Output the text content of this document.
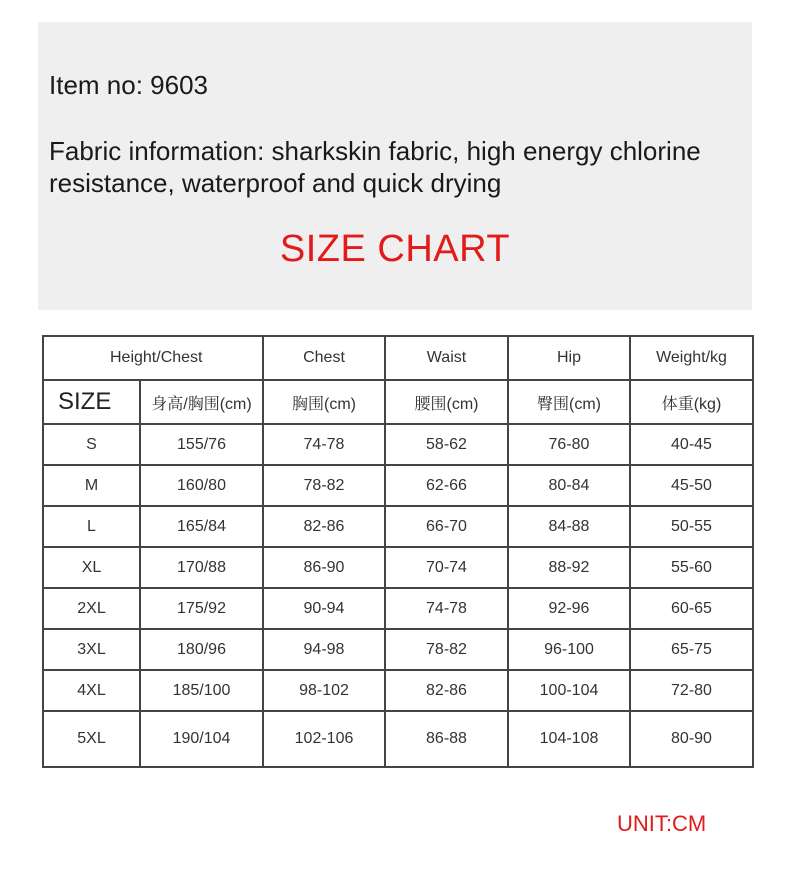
Item no: 9603
Fabric information: sharkskin fabric, high energy chlorine resistance, waterproof and quick drying
SIZE CHART
Height/Chest		Chest	Waist	Hip	Weight/kg
SIZE	身高/胸围(cm)	胸围(cm)	腰围(cm)	臀围(cm)	体重(kg)
S	155/76	74-78	58-62	76-80	40-45
M	160/80	78-82	62-66	80-84	45-50
L	165/84	82-86	66-70	84-88	50-55
XL	170/88	86-90	70-74	88-92	55-60
2XL	175/92	90-94	74-78	92-96	60-65
3XL	180/96	94-98	78-82	96-100	65-75
4XL	185/100	98-102	82-86	100-104	72-80
5XL	190/104	102-106	86-88	104-108	80-90
UNIT:CM
